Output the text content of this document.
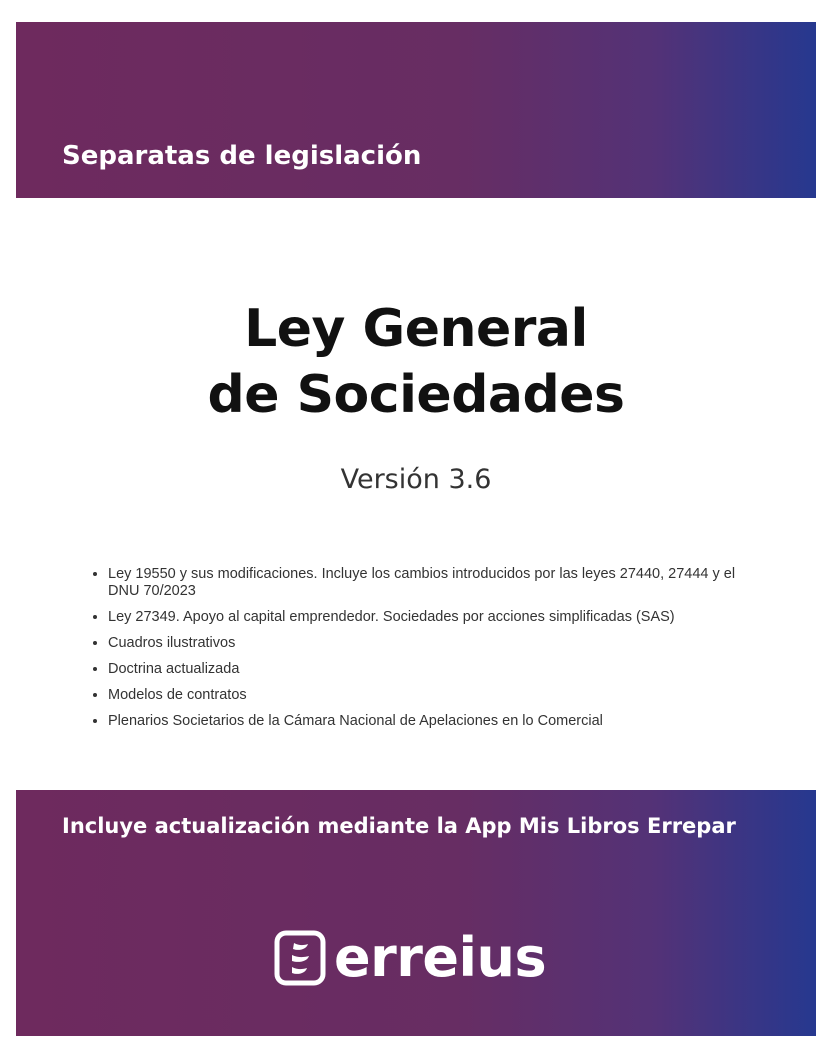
Separatas de legislación
Ley General
de Sociedades

Versión 3.6

• Ley 19550 y sus modificaciones. Incluye los cambios introducidos por las leyes 27440, 27444 y el DNU 70/2023
• Ley 27349. Apoyo al capital emprendedor. Sociedades por acciones simplificadas (SAS)
• Cuadros ilustrativos
• Doctrina actualizada
• Modelos de contratos
• Plenarios Societarios de la Cámara Nacional de Apelaciones en lo Comercial

Incluye actualización mediante la App Mis Libros Errepar

erreius
